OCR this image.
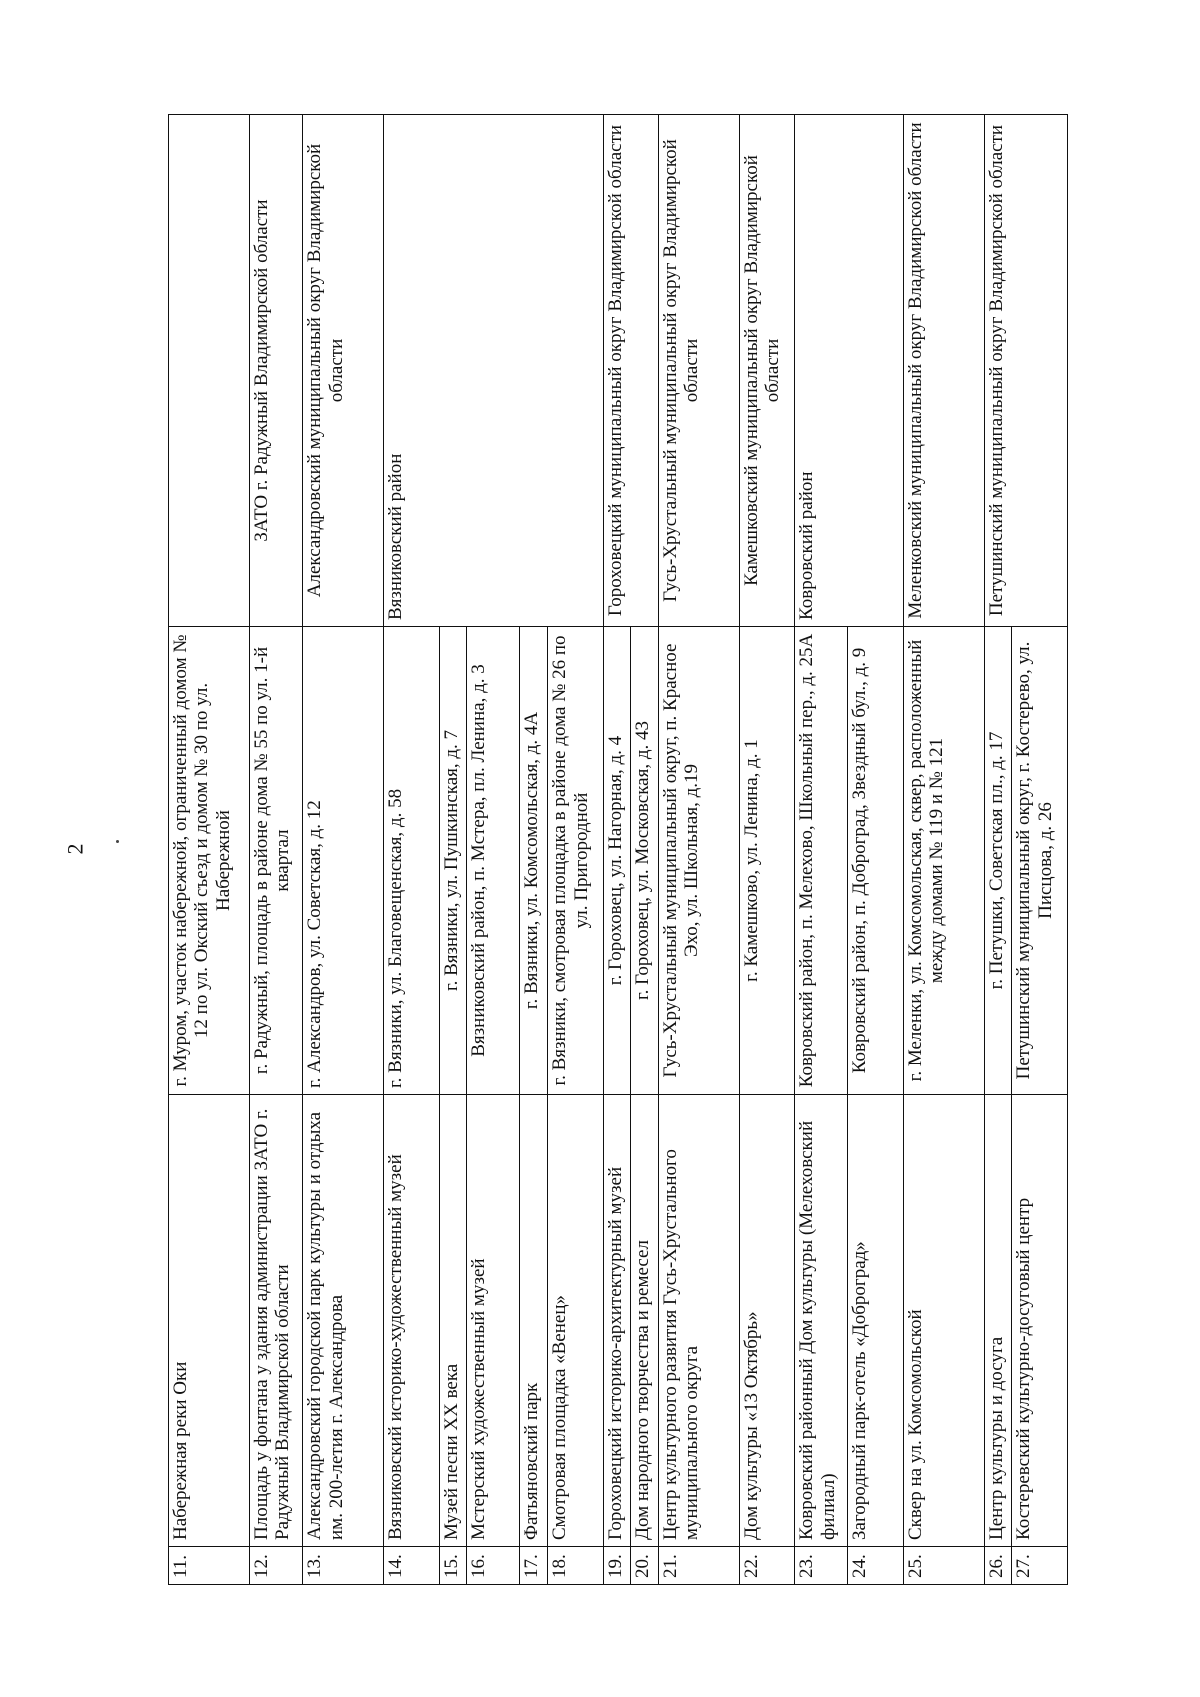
2
11.	Набережная реки Оки	г. Муром, участок набережной, ограниченный домом № 12 по ул. Окский съезд и домом № 30 по ул. Набережной	
12.	Площадь у фонтана у здания администрации ЗАТО г. Радужный Владимирской области	г. Радужный, площадь в районе дома № 55 по ул. 1-й квартал	ЗАТО г. Радужный Владимирской области
13.	Александровский городской парк культуры и отдыха им. 200-летия г. Александрова	г. Александров, ул. Советская, д. 12	Александровский муниципальный округ Владимирской области
14.	Вязниковский историко-художественный музей	г. Вязники, ул. Благовещенская, д. 58	Вязниковский район
15.	Музей песни XX века	г. Вязники, ул. Пушкинская, д. 7	
16.	Мстерский художественный музей	Вязниковский район, п. Мстера, пл. Ленина, д. 3	
17.	Фатьяновский парк	г. Вязники, ул. Комсомольская, д. 4А	
18.	Смотровая площадка «Венец»	г. Вязники, смотровая площадка в районе дома № 26 по ул. Пригородной	
19.	Гороховецкий историко-архитектурный музей	г. Гороховец, ул. Нагорная, д. 4	Гороховецкий муниципальный округ Владимирской области
20.	Дом народного творчества и ремесел	г. Гороховец, ул. Московская, д. 43	
21.	Центр культурного развития Гусь-Хрустального муниципального округа	Гусь-Хрустальный муниципальный округ, п. Красное Эхо, ул. Школьная, д.19	Гусь-Хрустальный муниципальный округ Владимирской области
22.	Дом культуры «13 Октябрь»	г. Камешково, ул. Ленина, д. 1	Камешковский муниципальный округ Владимирской области
23.	Ковровский районный Дом культуры (Мелеховский филиал)	Ковровский район, п. Мелехово, Школьный пер., д. 25А	Ковровский район
24.	Загородный парк-отель «Доброград»	Ковровский район, п. Доброград, Звездный бул., д. 9	
25.	Сквер на ул. Комсомольской	г. Меленки, ул. Комсомольская, сквер, расположенный между домами № 119 и № 121	Меленковский муниципальный округ Владимирской области
26.	Центр культуры и досуга	г. Петушки, Советская пл., д. 17	Петушинский муниципальный округ Владимирской области
27.	Костеревский культурно-досуговый центр	Петушинский муниципальный округ, г. Костерево, ул. Писцова, д. 26	
